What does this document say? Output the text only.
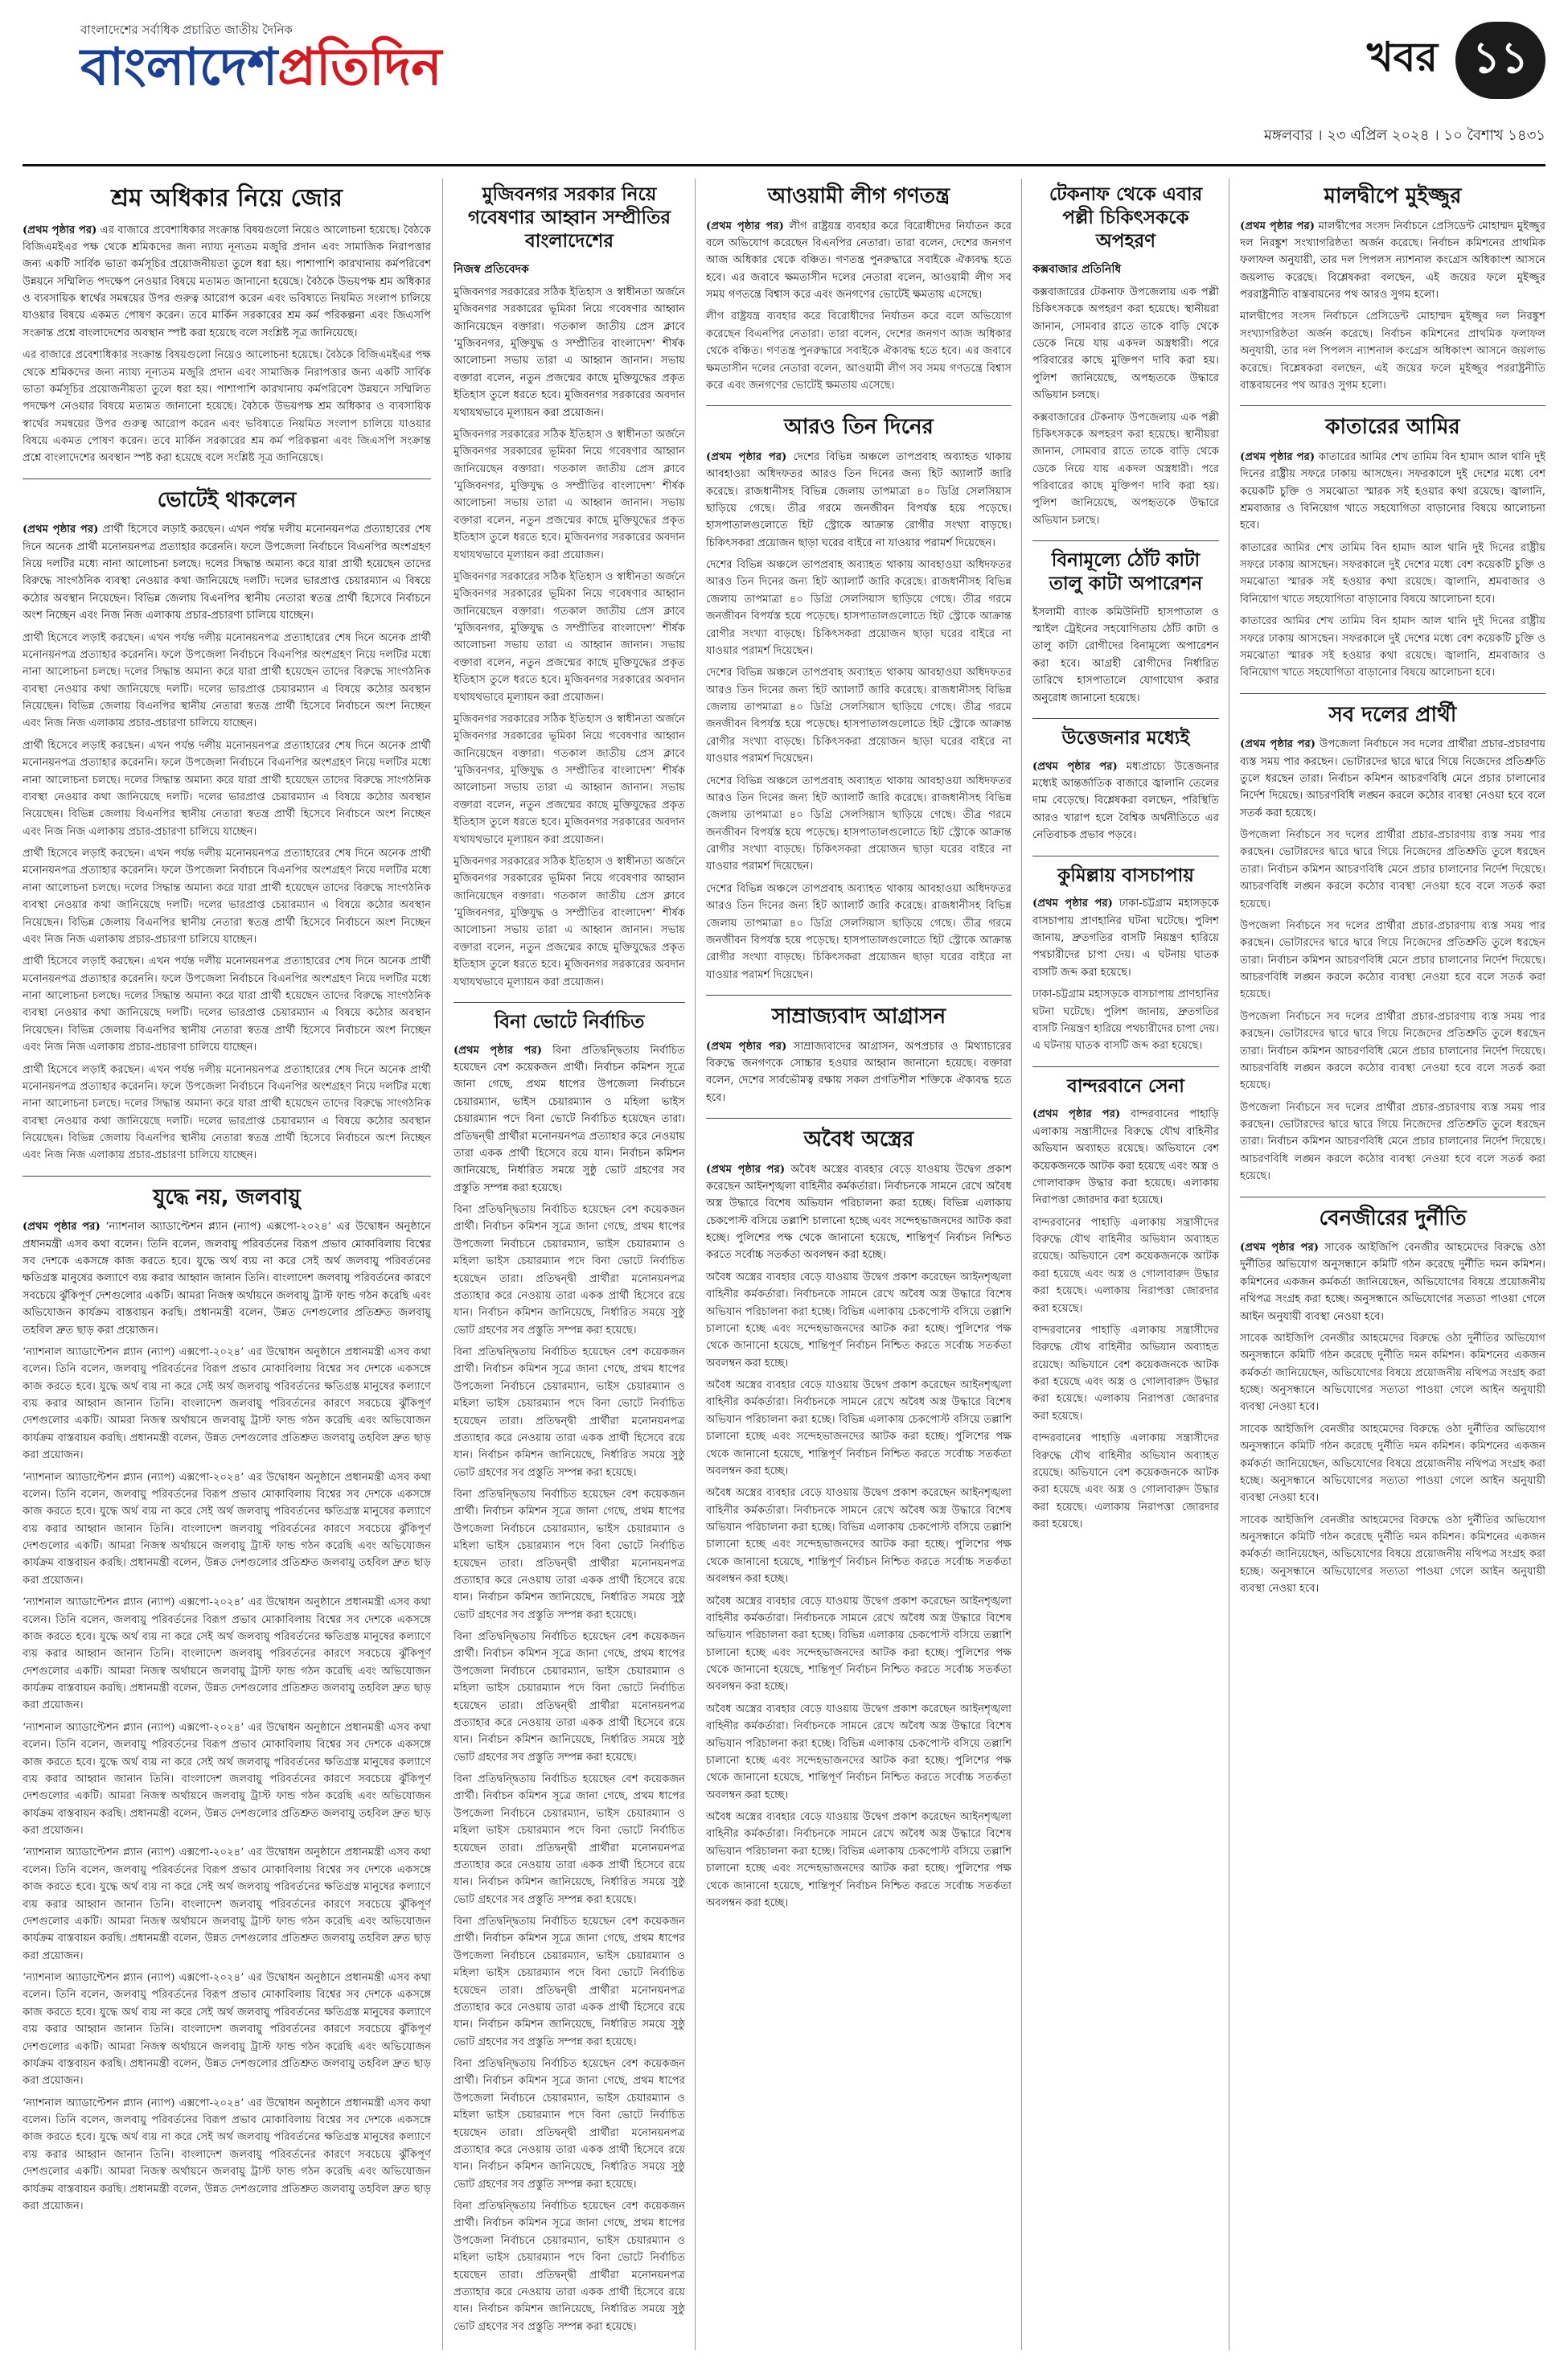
বাংলাদেশের সর্বাধিক প্রচারিত জাতীয় দৈনিক
বাংলাদেশপ্রতিদিন	খবর ১১
মঙ্গলবার । ২৩ এপ্রিল ২০২৪ । ১০ বৈশাখ ১৪৩১
শ্রম অধিকার নিয়ে জোর

(প্রথম পৃষ্ঠার পর) এর বাজারে প্রবেশাধিকার সংক্রান্ত বিষয়গুলো নিয়েও আলোচনা হয়েছে। বৈঠকে বিজিএমইএর পক্ষ থেকে শ্রমিকদের জন্য ন্যায্য নূন্যতম মজুরি প্রদান এবং সামাজিক নিরাপত্তার জন্য একটি সার্বিক ভাতা কর্মসূচির প্রয়োজনীয়তা তুলে ধরা হয়। পাশাপাশি কারখানায় কর্মপরিবেশ উন্নয়নে সম্মিলিত পদক্ষেপ নেওয়ার বিষয়ে মতামত জানানো হয়েছে। বৈঠকে উভয়পক্ষ শ্রম অধিকার ও ব্যবসায়িক স্বার্থের সমন্বয়ের উপর গুরুত্ব আরোপ করেন এবং ভবিষ্যতে নিয়মিত সংলাপ চালিয়ে যাওয়ার বিষয়ে একমত পোষণ করেন। তবে মার্কিন সরকারের শ্রম কর্ম পরিকল্পনা এবং জিএসপি সংক্রান্ত প্রশ্নে বাংলাদেশের অবস্থান স্পষ্ট করা হয়েছে বলে সংশ্লিষ্ট সূত্র জানিয়েছে।

এর বাজারে প্রবেশাধিকার সংক্রান্ত বিষয়গুলো নিয়েও আলোচনা হয়েছে। বৈঠকে বিজিএমইএর পক্ষ থেকে শ্রমিকদের জন্য ন্যায্য নূন্যতম মজুরি প্রদান এবং সামাজিক নিরাপত্তার জন্য একটি সার্বিক ভাতা কর্মসূচির প্রয়োজনীয়তা তুলে ধরা হয়। পাশাপাশি কারখানায় কর্মপরিবেশ উন্নয়নে সম্মিলিত পদক্ষেপ নেওয়ার বিষয়ে মতামত জানানো হয়েছে। বৈঠকে উভয়পক্ষ শ্রম অধিকার ও ব্যবসায়িক স্বার্থের সমন্বয়ের উপর গুরুত্ব আরোপ করেন এবং ভবিষ্যতে নিয়মিত সংলাপ চালিয়ে যাওয়ার বিষয়ে একমত পোষণ করেন। তবে মার্কিন সরকারের শ্রম কর্ম পরিকল্পনা এবং জিএসপি সংক্রান্ত প্রশ্নে বাংলাদেশের অবস্থান স্পষ্ট করা হয়েছে বলে সংশ্লিষ্ট সূত্র জানিয়েছে।

ভোটেই থাকলেন

(প্রথম পৃষ্ঠার পর) প্রার্থী হিসেবে লড়াই করছেন। এখন পর্যন্ত দলীয় মনোনয়নপত্র প্রত্যাহারের শেষ দিনে অনেক প্রার্থী মনোনয়নপত্র প্রত্যাহার করেননি। ফলে উপজেলা নির্বাচনে বিএনপির অংশগ্রহণ নিয়ে দলটির মধ্যে নানা আলোচনা চলছে। দলের সিদ্ধান্ত অমান্য করে যারা প্রার্থী হয়েছেন তাদের বিরুদ্ধে সাংগঠনিক ব্যবস্থা নেওয়ার কথা জানিয়েছে দলটি। দলের ভারপ্রাপ্ত চেয়ারম্যান এ বিষয়ে কঠোর অবস্থান নিয়েছেন। বিভিন্ন জেলায় বিএনপির স্থানীয় নেতারা স্বতন্ত্র প্রার্থী হিসেবে নির্বাচনে অংশ নিচ্ছেন এবং নিজ নিজ এলাকায় প্রচার-প্রচারণা চালিয়ে যাচ্ছেন।

প্রার্থী হিসেবে লড়াই করছেন। এখন পর্যন্ত দলীয় মনোনয়নপত্র প্রত্যাহারের শেষ দিনে অনেক প্রার্থী মনোনয়নপত্র প্রত্যাহার করেননি। ফলে উপজেলা নির্বাচনে বিএনপির অংশগ্রহণ নিয়ে দলটির মধ্যে নানা আলোচনা চলছে। দলের সিদ্ধান্ত অমান্য করে যারা প্রার্থী হয়েছেন তাদের বিরুদ্ধে সাংগঠনিক ব্যবস্থা নেওয়ার কথা জানিয়েছে দলটি। দলের ভারপ্রাপ্ত চেয়ারম্যান এ বিষয়ে কঠোর অবস্থান নিয়েছেন। বিভিন্ন জেলায় বিএনপির স্থানীয় নেতারা স্বতন্ত্র প্রার্থী হিসেবে নির্বাচনে অংশ নিচ্ছেন এবং নিজ নিজ এলাকায় প্রচার-প্রচারণা চালিয়ে যাচ্ছেন।

প্রার্থী হিসেবে লড়াই করছেন। এখন পর্যন্ত দলীয় মনোনয়নপত্র প্রত্যাহারের শেষ দিনে অনেক প্রার্থী মনোনয়নপত্র প্রত্যাহার করেননি। ফলে উপজেলা নির্বাচনে বিএনপির অংশগ্রহণ নিয়ে দলটির মধ্যে নানা আলোচনা চলছে। দলের সিদ্ধান্ত অমান্য করে যারা প্রার্থী হয়েছেন তাদের বিরুদ্ধে সাংগঠনিক ব্যবস্থা নেওয়ার কথা জানিয়েছে দলটি। দলের ভারপ্রাপ্ত চেয়ারম্যান এ বিষয়ে কঠোর অবস্থান নিয়েছেন। বিভিন্ন জেলায় বিএনপির স্থানীয় নেতারা স্বতন্ত্র প্রার্থী হিসেবে নির্বাচনে অংশ নিচ্ছেন এবং নিজ নিজ এলাকায় প্রচার-প্রচারণা চালিয়ে যাচ্ছেন।

প্রার্থী হিসেবে লড়াই করছেন। এখন পর্যন্ত দলীয় মনোনয়নপত্র প্রত্যাহারের শেষ দিনে অনেক প্রার্থী মনোনয়নপত্র প্রত্যাহার করেননি। ফলে উপজেলা নির্বাচনে বিএনপির অংশগ্রহণ নিয়ে দলটির মধ্যে নানা আলোচনা চলছে। দলের সিদ্ধান্ত অমান্য করে যারা প্রার্থী হয়েছেন তাদের বিরুদ্ধে সাংগঠনিক ব্যবস্থা নেওয়ার কথা জানিয়েছে দলটি। দলের ভারপ্রাপ্ত চেয়ারম্যান এ বিষয়ে কঠোর অবস্থান নিয়েছেন। বিভিন্ন জেলায় বিএনপির স্থানীয় নেতারা স্বতন্ত্র প্রার্থী হিসেবে নির্বাচনে অংশ নিচ্ছেন এবং নিজ নিজ এলাকায় প্রচার-প্রচারণা চালিয়ে যাচ্ছেন।

প্রার্থী হিসেবে লড়াই করছেন। এখন পর্যন্ত দলীয় মনোনয়নপত্র প্রত্যাহারের শেষ দিনে অনেক প্রার্থী মনোনয়নপত্র প্রত্যাহার করেননি। ফলে উপজেলা নির্বাচনে বিএনপির অংশগ্রহণ নিয়ে দলটির মধ্যে নানা আলোচনা চলছে। দলের সিদ্ধান্ত অমান্য করে যারা প্রার্থী হয়েছেন তাদের বিরুদ্ধে সাংগঠনিক ব্যবস্থা নেওয়ার কথা জানিয়েছে দলটি। দলের ভারপ্রাপ্ত চেয়ারম্যান এ বিষয়ে কঠোর অবস্থান নিয়েছেন। বিভিন্ন জেলায় বিএনপির স্থানীয় নেতারা স্বতন্ত্র প্রার্থী হিসেবে নির্বাচনে অংশ নিচ্ছেন এবং নিজ নিজ এলাকায় প্রচার-প্রচারণা চালিয়ে যাচ্ছেন।

প্রার্থী হিসেবে লড়াই করছেন। এখন পর্যন্ত দলীয় মনোনয়নপত্র প্রত্যাহারের শেষ দিনে অনেক প্রার্থী মনোনয়নপত্র প্রত্যাহার করেননি। ফলে উপজেলা নির্বাচনে বিএনপির অংশগ্রহণ নিয়ে দলটির মধ্যে নানা আলোচনা চলছে। দলের সিদ্ধান্ত অমান্য করে যারা প্রার্থী হয়েছেন তাদের বিরুদ্ধে সাংগঠনিক ব্যবস্থা নেওয়ার কথা জানিয়েছে দলটি। দলের ভারপ্রাপ্ত চেয়ারম্যান এ বিষয়ে কঠোর অবস্থান নিয়েছেন। বিভিন্ন জেলায় বিএনপির স্থানীয় নেতারা স্বতন্ত্র প্রার্থী হিসেবে নির্বাচনে অংশ নিচ্ছেন এবং নিজ নিজ এলাকায় প্রচার-প্রচারণা চালিয়ে যাচ্ছেন।

যুদ্ধে নয়, জলবায়ু

(প্রথম পৃষ্ঠার পর) ‘ন্যাশনাল অ্যাডাপ্টেশন প্ল্যান (ন্যাপ) এক্সপো-২০২৪’ এর উদ্বোধন অনুষ্ঠানে প্রধানমন্ত্রী এসব কথা বলেন। তিনি বলেন, জলবায়ু পরিবর্তনের বিরূপ প্রভাব মোকাবিলায় বিশ্বের সব দেশকে একসঙ্গে কাজ করতে হবে। যুদ্ধে অর্থ ব্যয় না করে সেই অর্থ জলবায়ু পরিবর্তনের ক্ষতিগ্রস্ত মানুষের কল্যাণে ব্যয় করার আহ্বান জানান তিনি। বাংলাদেশ জলবায়ু পরিবর্তনের কারণে সবচেয়ে ঝুঁকিপূর্ণ দেশগুলোর একটি। আমরা নিজস্ব অর্থায়নে জলবায়ু ট্রাস্ট ফান্ড গঠন করেছি এবং অভিযোজন কার্যক্রম বাস্তবায়ন করছি। প্রধানমন্ত্রী বলেন, উন্নত দেশগুলোর প্রতিশ্রুত জলবায়ু তহবিল দ্রুত ছাড় করা প্রয়োজন।

‘ন্যাশনাল অ্যাডাপ্টেশন প্ল্যান (ন্যাপ) এক্সপো-২০২৪’ এর উদ্বোধন অনুষ্ঠানে প্রধানমন্ত্রী এসব কথা বলেন। তিনি বলেন, জলবায়ু পরিবর্তনের বিরূপ প্রভাব মোকাবিলায় বিশ্বের সব দেশকে একসঙ্গে কাজ করতে হবে। যুদ্ধে অর্থ ব্যয় না করে সেই অর্থ জলবায়ু পরিবর্তনের ক্ষতিগ্রস্ত মানুষের কল্যাণে ব্যয় করার আহ্বান জানান তিনি। বাংলাদেশ জলবায়ু পরিবর্তনের কারণে সবচেয়ে ঝুঁকিপূর্ণ দেশগুলোর একটি। আমরা নিজস্ব অর্থায়নে জলবায়ু ট্রাস্ট ফান্ড গঠন করেছি এবং অভিযোজন কার্যক্রম বাস্তবায়ন করছি। প্রধানমন্ত্রী বলেন, উন্নত দেশগুলোর প্রতিশ্রুত জলবায়ু তহবিল দ্রুত ছাড় করা প্রয়োজন।

‘ন্যাশনাল অ্যাডাপ্টেশন প্ল্যান (ন্যাপ) এক্সপো-২০২৪’ এর উদ্বোধন অনুষ্ঠানে প্রধানমন্ত্রী এসব কথা বলেন। তিনি বলেন, জলবায়ু পরিবর্তনের বিরূপ প্রভাব মোকাবিলায় বিশ্বের সব দেশকে একসঙ্গে কাজ করতে হবে। যুদ্ধে অর্থ ব্যয় না করে সেই অর্থ জলবায়ু পরিবর্তনের ক্ষতিগ্রস্ত মানুষের কল্যাণে ব্যয় করার আহ্বান জানান তিনি। বাংলাদেশ জলবায়ু পরিবর্তনের কারণে সবচেয়ে ঝুঁকিপূর্ণ দেশগুলোর একটি। আমরা নিজস্ব অর্থায়নে জলবায়ু ট্রাস্ট ফান্ড গঠন করেছি এবং অভিযোজন কার্যক্রম বাস্তবায়ন করছি। প্রধানমন্ত্রী বলেন, উন্নত দেশগুলোর প্রতিশ্রুত জলবায়ু তহবিল দ্রুত ছাড় করা প্রয়োজন।

‘ন্যাশনাল অ্যাডাপ্টেশন প্ল্যান (ন্যাপ) এক্সপো-২০২৪’ এর উদ্বোধন অনুষ্ঠানে প্রধানমন্ত্রী এসব কথা বলেন। তিনি বলেন, জলবায়ু পরিবর্তনের বিরূপ প্রভাব মোকাবিলায় বিশ্বের সব দেশকে একসঙ্গে কাজ করতে হবে। যুদ্ধে অর্থ ব্যয় না করে সেই অর্থ জলবায়ু পরিবর্তনের ক্ষতিগ্রস্ত মানুষের কল্যাণে ব্যয় করার আহ্বান জানান তিনি। বাংলাদেশ জলবায়ু পরিবর্তনের কারণে সবচেয়ে ঝুঁকিপূর্ণ দেশগুলোর একটি। আমরা নিজস্ব অর্থায়নে জলবায়ু ট্রাস্ট ফান্ড গঠন করেছি এবং অভিযোজন কার্যক্রম বাস্তবায়ন করছি। প্রধানমন্ত্রী বলেন, উন্নত দেশগুলোর প্রতিশ্রুত জলবায়ু তহবিল দ্রুত ছাড় করা প্রয়োজন।

‘ন্যাশনাল অ্যাডাপ্টেশন প্ল্যান (ন্যাপ) এক্সপো-২০২৪’ এর উদ্বোধন অনুষ্ঠানে প্রধানমন্ত্রী এসব কথা বলেন। তিনি বলেন, জলবায়ু পরিবর্তনের বিরূপ প্রভাব মোকাবিলায় বিশ্বের সব দেশকে একসঙ্গে কাজ করতে হবে। যুদ্ধে অর্থ ব্যয় না করে সেই অর্থ জলবায়ু পরিবর্তনের ক্ষতিগ্রস্ত মানুষের কল্যাণে ব্যয় করার আহ্বান জানান তিনি। বাংলাদেশ জলবায়ু পরিবর্তনের কারণে সবচেয়ে ঝুঁকিপূর্ণ দেশগুলোর একটি। আমরা নিজস্ব অর্থায়নে জলবায়ু ট্রাস্ট ফান্ড গঠন করেছি এবং অভিযোজন কার্যক্রম বাস্তবায়ন করছি। প্রধানমন্ত্রী বলেন, উন্নত দেশগুলোর প্রতিশ্রুত জলবায়ু তহবিল দ্রুত ছাড় করা প্রয়োজন।

‘ন্যাশনাল অ্যাডাপ্টেশন প্ল্যান (ন্যাপ) এক্সপো-২০২৪’ এর উদ্বোধন অনুষ্ঠানে প্রধানমন্ত্রী এসব কথা বলেন। তিনি বলেন, জলবায়ু পরিবর্তনের বিরূপ প্রভাব মোকাবিলায় বিশ্বের সব দেশকে একসঙ্গে কাজ করতে হবে। যুদ্ধে অর্থ ব্যয় না করে সেই অর্থ জলবায়ু পরিবর্তনের ক্ষতিগ্রস্ত মানুষের কল্যাণে ব্যয় করার আহ্বান জানান তিনি। বাংলাদেশ জলবায়ু পরিবর্তনের কারণে সবচেয়ে ঝুঁকিপূর্ণ দেশগুলোর একটি। আমরা নিজস্ব অর্থায়নে জলবায়ু ট্রাস্ট ফান্ড গঠন করেছি এবং অভিযোজন কার্যক্রম বাস্তবায়ন করছি। প্রধানমন্ত্রী বলেন, উন্নত দেশগুলোর প্রতিশ্রুত জলবায়ু তহবিল দ্রুত ছাড় করা প্রয়োজন।

‘ন্যাশনাল অ্যাডাপ্টেশন প্ল্যান (ন্যাপ) এক্সপো-২০২৪’ এর উদ্বোধন অনুষ্ঠানে প্রধানমন্ত্রী এসব কথা বলেন। তিনি বলেন, জলবায়ু পরিবর্তনের বিরূপ প্রভাব মোকাবিলায় বিশ্বের সব দেশকে একসঙ্গে কাজ করতে হবে। যুদ্ধে অর্থ ব্যয় না করে সেই অর্থ জলবায়ু পরিবর্তনের ক্ষতিগ্রস্ত মানুষের কল্যাণে ব্যয় করার আহ্বান জানান তিনি। বাংলাদেশ জলবায়ু পরিবর্তনের কারণে সবচেয়ে ঝুঁকিপূর্ণ দেশগুলোর একটি। আমরা নিজস্ব অর্থায়নে জলবায়ু ট্রাস্ট ফান্ড গঠন করেছি এবং অভিযোজন কার্যক্রম বাস্তবায়ন করছি। প্রধানমন্ত্রী বলেন, উন্নত দেশগুলোর প্রতিশ্রুত জলবায়ু তহবিল দ্রুত ছাড় করা প্রয়োজন।

‘ন্যাশনাল অ্যাডাপ্টেশন প্ল্যান (ন্যাপ) এক্সপো-২০২৪’ এর উদ্বোধন অনুষ্ঠানে প্রধানমন্ত্রী এসব কথা বলেন। তিনি বলেন, জলবায়ু পরিবর্তনের বিরূপ প্রভাব মোকাবিলায় বিশ্বের সব দেশকে একসঙ্গে কাজ করতে হবে। যুদ্ধে অর্থ ব্যয় না করে সেই অর্থ জলবায়ু পরিবর্তনের ক্ষতিগ্রস্ত মানুষের কল্যাণে ব্যয় করার আহ্বান জানান তিনি। বাংলাদেশ জলবায়ু পরিবর্তনের কারণে সবচেয়ে ঝুঁকিপূর্ণ দেশগুলোর একটি। আমরা নিজস্ব অর্থায়নে জলবায়ু ট্রাস্ট ফান্ড গঠন করেছি এবং অভিযোজন কার্যক্রম বাস্তবায়ন করছি। প্রধানমন্ত্রী বলেন, উন্নত দেশগুলোর প্রতিশ্রুত জলবায়ু তহবিল দ্রুত ছাড় করা প্রয়োজন।

মুজিবনগর সরকার নিয়ে গবেষণার আহ্বান সম্প্রীতির বাংলাদেশের
নিজস্ব প্রতিবেদক

মুজিবনগর সরকারের সঠিক ইতিহাস ও স্বাধীনতা অর্জনে মুজিবনগর সরকারের ভূমিকা নিয়ে গবেষণার আহ্বান জানিয়েছেন বক্তারা। গতকাল জাতীয় প্রেস ক্লাবে ‘মুজিবনগর, মুক্তিযুদ্ধ ও সম্প্রীতির বাংলাদেশ’ শীর্ষক আলোচনা সভায় তারা এ আহ্বান জানান। সভায় বক্তারা বলেন, নতুন প্রজন্মের কাছে মুক্তিযুদ্ধের প্রকৃত ইতিহাস তুলে ধরতে হবে। মুজিবনগর সরকারের অবদান যথাযথভাবে মূল্যায়ন করা প্রয়োজন।

মুজিবনগর সরকারের সঠিক ইতিহাস ও স্বাধীনতা অর্জনে মুজিবনগর সরকারের ভূমিকা নিয়ে গবেষণার আহ্বান জানিয়েছেন বক্তারা। গতকাল জাতীয় প্রেস ক্লাবে ‘মুজিবনগর, মুক্তিযুদ্ধ ও সম্প্রীতির বাংলাদেশ’ শীর্ষক আলোচনা সভায় তারা এ আহ্বান জানান। সভায় বক্তারা বলেন, নতুন প্রজন্মের কাছে মুক্তিযুদ্ধের প্রকৃত ইতিহাস তুলে ধরতে হবে। মুজিবনগর সরকারের অবদান যথাযথভাবে মূল্যায়ন করা প্রয়োজন।

মুজিবনগর সরকারের সঠিক ইতিহাস ও স্বাধীনতা অর্জনে মুজিবনগর সরকারের ভূমিকা নিয়ে গবেষণার আহ্বান জানিয়েছেন বক্তারা। গতকাল জাতীয় প্রেস ক্লাবে ‘মুজিবনগর, মুক্তিযুদ্ধ ও সম্প্রীতির বাংলাদেশ’ শীর্ষক আলোচনা সভায় তারা এ আহ্বান জানান। সভায় বক্তারা বলেন, নতুন প্রজন্মের কাছে মুক্তিযুদ্ধের প্রকৃত ইতিহাস তুলে ধরতে হবে। মুজিবনগর সরকারের অবদান যথাযথভাবে মূল্যায়ন করা প্রয়োজন।

মুজিবনগর সরকারের সঠিক ইতিহাস ও স্বাধীনতা অর্জনে মুজিবনগর সরকারের ভূমিকা নিয়ে গবেষণার আহ্বান জানিয়েছেন বক্তারা। গতকাল জাতীয় প্রেস ক্লাবে ‘মুজিবনগর, মুক্তিযুদ্ধ ও সম্প্রীতির বাংলাদেশ’ শীর্ষক আলোচনা সভায় তারা এ আহ্বান জানান। সভায় বক্তারা বলেন, নতুন প্রজন্মের কাছে মুক্তিযুদ্ধের প্রকৃত ইতিহাস তুলে ধরতে হবে। মুজিবনগর সরকারের অবদান যথাযথভাবে মূল্যায়ন করা প্রয়োজন।

মুজিবনগর সরকারের সঠিক ইতিহাস ও স্বাধীনতা অর্জনে মুজিবনগর সরকারের ভূমিকা নিয়ে গবেষণার আহ্বান জানিয়েছেন বক্তারা। গতকাল জাতীয় প্রেস ক্লাবে ‘মুজিবনগর, মুক্তিযুদ্ধ ও সম্প্রীতির বাংলাদেশ’ শীর্ষক আলোচনা সভায় তারা এ আহ্বান জানান। সভায় বক্তারা বলেন, নতুন প্রজন্মের কাছে মুক্তিযুদ্ধের প্রকৃত ইতিহাস তুলে ধরতে হবে। মুজিবনগর সরকারের অবদান যথাযথভাবে মূল্যায়ন করা প্রয়োজন।

বিনা ভোটে নির্বাচিত

(প্রথম পৃষ্ঠার পর) বিনা প্রতিদ্বন্দ্বিতায় নির্বাচিত হয়েছেন বেশ কয়েকজন প্রার্থী। নির্বাচন কমিশন সূত্রে জানা গেছে, প্রথম ধাপের উপজেলা নির্বাচনে চেয়ারম্যান, ভাইস চেয়ারম্যান ও মহিলা ভাইস চেয়ারম্যান পদে বিনা ভোটে নির্বাচিত হয়েছেন তারা। প্রতিদ্বন্দ্বী প্রার্থীরা মনোনয়নপত্র প্রত্যাহার করে নেওয়ায় তারা একক প্রার্থী হিসেবে রয়ে যান। নির্বাচন কমিশন জানিয়েছে, নির্ধারিত সময়ে সুষ্ঠু ভোট গ্রহণের সব প্রস্তুতি সম্পন্ন করা হয়েছে।

বিনা প্রতিদ্বন্দ্বিতায় নির্বাচিত হয়েছেন বেশ কয়েকজন প্রার্থী। নির্বাচন কমিশন সূত্রে জানা গেছে, প্রথম ধাপের উপজেলা নির্বাচনে চেয়ারম্যান, ভাইস চেয়ারম্যান ও মহিলা ভাইস চেয়ারম্যান পদে বিনা ভোটে নির্বাচিত হয়েছেন তারা। প্রতিদ্বন্দ্বী প্রার্থীরা মনোনয়নপত্র প্রত্যাহার করে নেওয়ায় তারা একক প্রার্থী হিসেবে রয়ে যান। নির্বাচন কমিশন জানিয়েছে, নির্ধারিত সময়ে সুষ্ঠু ভোট গ্রহণের সব প্রস্তুতি সম্পন্ন করা হয়েছে।

বিনা প্রতিদ্বন্দ্বিতায় নির্বাচিত হয়েছেন বেশ কয়েকজন প্রার্থী। নির্বাচন কমিশন সূত্রে জানা গেছে, প্রথম ধাপের উপজেলা নির্বাচনে চেয়ারম্যান, ভাইস চেয়ারম্যান ও মহিলা ভাইস চেয়ারম্যান পদে বিনা ভোটে নির্বাচিত হয়েছেন তারা। প্রতিদ্বন্দ্বী প্রার্থীরা মনোনয়নপত্র প্রত্যাহার করে নেওয়ায় তারা একক প্রার্থী হিসেবে রয়ে যান। নির্বাচন কমিশন জানিয়েছে, নির্ধারিত সময়ে সুষ্ঠু ভোট গ্রহণের সব প্রস্তুতি সম্পন্ন করা হয়েছে।

বিনা প্রতিদ্বন্দ্বিতায় নির্বাচিত হয়েছেন বেশ কয়েকজন প্রার্থী। নির্বাচন কমিশন সূত্রে জানা গেছে, প্রথম ধাপের উপজেলা নির্বাচনে চেয়ারম্যান, ভাইস চেয়ারম্যান ও মহিলা ভাইস চেয়ারম্যান পদে বিনা ভোটে নির্বাচিত হয়েছেন তারা। প্রতিদ্বন্দ্বী প্রার্থীরা মনোনয়নপত্র প্রত্যাহার করে নেওয়ায় তারা একক প্রার্থী হিসেবে রয়ে যান। নির্বাচন কমিশন জানিয়েছে, নির্ধারিত সময়ে সুষ্ঠু ভোট গ্রহণের সব প্রস্তুতি সম্পন্ন করা হয়েছে।

বিনা প্রতিদ্বন্দ্বিতায় নির্বাচিত হয়েছেন বেশ কয়েকজন প্রার্থী। নির্বাচন কমিশন সূত্রে জানা গেছে, প্রথম ধাপের উপজেলা নির্বাচনে চেয়ারম্যান, ভাইস চেয়ারম্যান ও মহিলা ভাইস চেয়ারম্যান পদে বিনা ভোটে নির্বাচিত হয়েছেন তারা। প্রতিদ্বন্দ্বী প্রার্থীরা মনোনয়নপত্র প্রত্যাহার করে নেওয়ায় তারা একক প্রার্থী হিসেবে রয়ে যান। নির্বাচন কমিশন জানিয়েছে, নির্ধারিত সময়ে সুষ্ঠু ভোট গ্রহণের সব প্রস্তুতি সম্পন্ন করা হয়েছে।

বিনা প্রতিদ্বন্দ্বিতায় নির্বাচিত হয়েছেন বেশ কয়েকজন প্রার্থী। নির্বাচন কমিশন সূত্রে জানা গেছে, প্রথম ধাপের উপজেলা নির্বাচনে চেয়ারম্যান, ভাইস চেয়ারম্যান ও মহিলা ভাইস চেয়ারম্যান পদে বিনা ভোটে নির্বাচিত হয়েছেন তারা। প্রতিদ্বন্দ্বী প্রার্থীরা মনোনয়নপত্র প্রত্যাহার করে নেওয়ায় তারা একক প্রার্থী হিসেবে রয়ে যান। নির্বাচন কমিশন জানিয়েছে, নির্ধারিত সময়ে সুষ্ঠু ভোট গ্রহণের সব প্রস্তুতি সম্পন্ন করা হয়েছে।

বিনা প্রতিদ্বন্দ্বিতায় নির্বাচিত হয়েছেন বেশ কয়েকজন প্রার্থী। নির্বাচন কমিশন সূত্রে জানা গেছে, প্রথম ধাপের উপজেলা নির্বাচনে চেয়ারম্যান, ভাইস চেয়ারম্যান ও মহিলা ভাইস চেয়ারম্যান পদে বিনা ভোটে নির্বাচিত হয়েছেন তারা। প্রতিদ্বন্দ্বী প্রার্থীরা মনোনয়নপত্র প্রত্যাহার করে নেওয়ায় তারা একক প্রার্থী হিসেবে রয়ে যান। নির্বাচন কমিশন জানিয়েছে, নির্ধারিত সময়ে সুষ্ঠু ভোট গ্রহণের সব প্রস্তুতি সম্পন্ন করা হয়েছে।

বিনা প্রতিদ্বন্দ্বিতায় নির্বাচিত হয়েছেন বেশ কয়েকজন প্রার্থী। নির্বাচন কমিশন সূত্রে জানা গেছে, প্রথম ধাপের উপজেলা নির্বাচনে চেয়ারম্যান, ভাইস চেয়ারম্যান ও মহিলা ভাইস চেয়ারম্যান পদে বিনা ভোটে নির্বাচিত হয়েছেন তারা। প্রতিদ্বন্দ্বী প্রার্থীরা মনোনয়নপত্র প্রত্যাহার করে নেওয়ায় তারা একক প্রার্থী হিসেবে রয়ে যান। নির্বাচন কমিশন জানিয়েছে, নির্ধারিত সময়ে সুষ্ঠু ভোট গ্রহণের সব প্রস্তুতি সম্পন্ন করা হয়েছে।

বিনা প্রতিদ্বন্দ্বিতায় নির্বাচিত হয়েছেন বেশ কয়েকজন প্রার্থী। নির্বাচন কমিশন সূত্রে জানা গেছে, প্রথম ধাপের উপজেলা নির্বাচনে চেয়ারম্যান, ভাইস চেয়ারম্যান ও মহিলা ভাইস চেয়ারম্যান পদে বিনা ভোটে নির্বাচিত হয়েছেন তারা। প্রতিদ্বন্দ্বী প্রার্থীরা মনোনয়নপত্র প্রত্যাহার করে নেওয়ায় তারা একক প্রার্থী হিসেবে রয়ে যান। নির্বাচন কমিশন জানিয়েছে, নির্ধারিত সময়ে সুষ্ঠু ভোট গ্রহণের সব প্রস্তুতি সম্পন্ন করা হয়েছে।

আওয়ামী লীগ গণতন্ত্র

(প্রথম পৃষ্ঠার পর) লীগ রাষ্ট্রযন্ত্র ব্যবহার করে বিরোধীদের নির্যাতন করে বলে অভিযোগ করেছেন বিএনপির নেতারা। তারা বলেন, দেশের জনগণ আজ অধিকার থেকে বঞ্চিত। গণতন্ত্র পুনরুদ্ধারে সবাইকে ঐক্যবদ্ধ হতে হবে। এর জবাবে ক্ষমতাসীন দলের নেতারা বলেন, আওয়ামী লীগ সব সময় গণতন্ত্রে বিশ্বাস করে এবং জনগণের ভোটেই ক্ষমতায় এসেছে।

লীগ রাষ্ট্রযন্ত্র ব্যবহার করে বিরোধীদের নির্যাতন করে বলে অভিযোগ করেছেন বিএনপির নেতারা। তারা বলেন, দেশের জনগণ আজ অধিকার থেকে বঞ্চিত। গণতন্ত্র পুনরুদ্ধারে সবাইকে ঐক্যবদ্ধ হতে হবে। এর জবাবে ক্ষমতাসীন দলের নেতারা বলেন, আওয়ামী লীগ সব সময় গণতন্ত্রে বিশ্বাস করে এবং জনগণের ভোটেই ক্ষমতায় এসেছে।

আরও তিন দিনের

(প্রথম পৃষ্ঠার পর) দেশের বিভিন্ন অঞ্চলে তাপপ্রবাহ অব্যাহত থাকায় আবহাওয়া অধিদফতর আরও তিন দিনের জন্য হিট অ্যালার্ট জারি করেছে। রাজধানীসহ বিভিন্ন জেলায় তাপমাত্রা ৪০ ডিগ্রি সেলসিয়াস ছাড়িয়ে গেছে। তীব্র গরমে জনজীবন বিপর্যস্ত হয়ে পড়েছে। হাসপাতালগুলোতে হিট স্ট্রোকে আক্রান্ত রোগীর সংখ্যা বাড়ছে। চিকিৎসকরা প্রয়োজন ছাড়া ঘরের বাইরে না যাওয়ার পরামর্শ দিয়েছেন।

দেশের বিভিন্ন অঞ্চলে তাপপ্রবাহ অব্যাহত থাকায় আবহাওয়া অধিদফতর আরও তিন দিনের জন্য হিট অ্যালার্ট জারি করেছে। রাজধানীসহ বিভিন্ন জেলায় তাপমাত্রা ৪০ ডিগ্রি সেলসিয়াস ছাড়িয়ে গেছে। তীব্র গরমে জনজীবন বিপর্যস্ত হয়ে পড়েছে। হাসপাতালগুলোতে হিট স্ট্রোকে আক্রান্ত রোগীর সংখ্যা বাড়ছে। চিকিৎসকরা প্রয়োজন ছাড়া ঘরের বাইরে না যাওয়ার পরামর্শ দিয়েছেন।

দেশের বিভিন্ন অঞ্চলে তাপপ্রবাহ অব্যাহত থাকায় আবহাওয়া অধিদফতর আরও তিন দিনের জন্য হিট অ্যালার্ট জারি করেছে। রাজধানীসহ বিভিন্ন জেলায় তাপমাত্রা ৪০ ডিগ্রি সেলসিয়াস ছাড়িয়ে গেছে। তীব্র গরমে জনজীবন বিপর্যস্ত হয়ে পড়েছে। হাসপাতালগুলোতে হিট স্ট্রোকে আক্রান্ত রোগীর সংখ্যা বাড়ছে। চিকিৎসকরা প্রয়োজন ছাড়া ঘরের বাইরে না যাওয়ার পরামর্শ দিয়েছেন।

দেশের বিভিন্ন অঞ্চলে তাপপ্রবাহ অব্যাহত থাকায় আবহাওয়া অধিদফতর আরও তিন দিনের জন্য হিট অ্যালার্ট জারি করেছে। রাজধানীসহ বিভিন্ন জেলায় তাপমাত্রা ৪০ ডিগ্রি সেলসিয়াস ছাড়িয়ে গেছে। তীব্র গরমে জনজীবন বিপর্যস্ত হয়ে পড়েছে। হাসপাতালগুলোতে হিট স্ট্রোকে আক্রান্ত রোগীর সংখ্যা বাড়ছে। চিকিৎসকরা প্রয়োজন ছাড়া ঘরের বাইরে না যাওয়ার পরামর্শ দিয়েছেন।

দেশের বিভিন্ন অঞ্চলে তাপপ্রবাহ অব্যাহত থাকায় আবহাওয়া অধিদফতর আরও তিন দিনের জন্য হিট অ্যালার্ট জারি করেছে। রাজধানীসহ বিভিন্ন জেলায় তাপমাত্রা ৪০ ডিগ্রি সেলসিয়াস ছাড়িয়ে গেছে। তীব্র গরমে জনজীবন বিপর্যস্ত হয়ে পড়েছে। হাসপাতালগুলোতে হিট স্ট্রোকে আক্রান্ত রোগীর সংখ্যা বাড়ছে। চিকিৎসকরা প্রয়োজন ছাড়া ঘরের বাইরে না যাওয়ার পরামর্শ দিয়েছেন।

সাম্রাজ্যবাদ আগ্রাসন

(প্রথম পৃষ্ঠার পর) সাম্রাজ্যবাদের আগ্রাসন, অপপ্রচার ও মিথ্যাচারের বিরুদ্ধে জনগণকে সোচ্চার হওয়ার আহ্বান জানানো হয়েছে। বক্তারা বলেন, দেশের সার্বভৌমত্ব রক্ষায় সকল প্রগতিশীল শক্তিকে ঐক্যবদ্ধ হতে হবে।

অবৈধ অস্ত্রের

(প্রথম পৃষ্ঠার পর) অবৈধ অস্ত্রের ব্যবহার বেড়ে যাওয়ায় উদ্বেগ প্রকাশ করেছেন আইনশৃঙ্খলা বাহিনীর কর্মকর্তারা। নির্বাচনকে সামনে রেখে অবৈধ অস্ত্র উদ্ধারে বিশেষ অভিযান পরিচালনা করা হচ্ছে। বিভিন্ন এলাকায় চেকপোস্ট বসিয়ে তল্লাশি চালানো হচ্ছে এবং সন্দেহভাজনদের আটক করা হচ্ছে। পুলিশের পক্ষ থেকে জানানো হয়েছে, শান্তিপূর্ণ নির্বাচন নিশ্চিত করতে সর্বোচ্চ সতর্কতা অবলম্বন করা হচ্ছে।

অবৈধ অস্ত্রের ব্যবহার বেড়ে যাওয়ায় উদ্বেগ প্রকাশ করেছেন আইনশৃঙ্খলা বাহিনীর কর্মকর্তারা। নির্বাচনকে সামনে রেখে অবৈধ অস্ত্র উদ্ধারে বিশেষ অভিযান পরিচালনা করা হচ্ছে। বিভিন্ন এলাকায় চেকপোস্ট বসিয়ে তল্লাশি চালানো হচ্ছে এবং সন্দেহভাজনদের আটক করা হচ্ছে। পুলিশের পক্ষ থেকে জানানো হয়েছে, শান্তিপূর্ণ নির্বাচন নিশ্চিত করতে সর্বোচ্চ সতর্কতা অবলম্বন করা হচ্ছে।

অবৈধ অস্ত্রের ব্যবহার বেড়ে যাওয়ায় উদ্বেগ প্রকাশ করেছেন আইনশৃঙ্খলা বাহিনীর কর্মকর্তারা। নির্বাচনকে সামনে রেখে অবৈধ অস্ত্র উদ্ধারে বিশেষ অভিযান পরিচালনা করা হচ্ছে। বিভিন্ন এলাকায় চেকপোস্ট বসিয়ে তল্লাশি চালানো হচ্ছে এবং সন্দেহভাজনদের আটক করা হচ্ছে। পুলিশের পক্ষ থেকে জানানো হয়েছে, শান্তিপূর্ণ নির্বাচন নিশ্চিত করতে সর্বোচ্চ সতর্কতা অবলম্বন করা হচ্ছে।

অবৈধ অস্ত্রের ব্যবহার বেড়ে যাওয়ায় উদ্বেগ প্রকাশ করেছেন আইনশৃঙ্খলা বাহিনীর কর্মকর্তারা। নির্বাচনকে সামনে রেখে অবৈধ অস্ত্র উদ্ধারে বিশেষ অভিযান পরিচালনা করা হচ্ছে। বিভিন্ন এলাকায় চেকপোস্ট বসিয়ে তল্লাশি চালানো হচ্ছে এবং সন্দেহভাজনদের আটক করা হচ্ছে। পুলিশের পক্ষ থেকে জানানো হয়েছে, শান্তিপূর্ণ নির্বাচন নিশ্চিত করতে সর্বোচ্চ সতর্কতা অবলম্বন করা হচ্ছে।

অবৈধ অস্ত্রের ব্যবহার বেড়ে যাওয়ায় উদ্বেগ প্রকাশ করেছেন আইনশৃঙ্খলা বাহিনীর কর্মকর্তারা। নির্বাচনকে সামনে রেখে অবৈধ অস্ত্র উদ্ধারে বিশেষ অভিযান পরিচালনা করা হচ্ছে। বিভিন্ন এলাকায় চেকপোস্ট বসিয়ে তল্লাশি চালানো হচ্ছে এবং সন্দেহভাজনদের আটক করা হচ্ছে। পুলিশের পক্ষ থেকে জানানো হয়েছে, শান্তিপূর্ণ নির্বাচন নিশ্চিত করতে সর্বোচ্চ সতর্কতা অবলম্বন করা হচ্ছে।

অবৈধ অস্ত্রের ব্যবহার বেড়ে যাওয়ায় উদ্বেগ প্রকাশ করেছেন আইনশৃঙ্খলা বাহিনীর কর্মকর্তারা। নির্বাচনকে সামনে রেখে অবৈধ অস্ত্র উদ্ধারে বিশেষ অভিযান পরিচালনা করা হচ্ছে। বিভিন্ন এলাকায় চেকপোস্ট বসিয়ে তল্লাশি চালানো হচ্ছে এবং সন্দেহভাজনদের আটক করা হচ্ছে। পুলিশের পক্ষ থেকে জানানো হয়েছে, শান্তিপূর্ণ নির্বাচন নিশ্চিত করতে সর্বোচ্চ সতর্কতা অবলম্বন করা হচ্ছে।

অবৈধ অস্ত্রের ব্যবহার বেড়ে যাওয়ায় উদ্বেগ প্রকাশ করেছেন আইনশৃঙ্খলা বাহিনীর কর্মকর্তারা। নির্বাচনকে সামনে রেখে অবৈধ অস্ত্র উদ্ধারে বিশেষ অভিযান পরিচালনা করা হচ্ছে। বিভিন্ন এলাকায় চেকপোস্ট বসিয়ে তল্লাশি চালানো হচ্ছে এবং সন্দেহভাজনদের আটক করা হচ্ছে। পুলিশের পক্ষ থেকে জানানো হয়েছে, শান্তিপূর্ণ নির্বাচন নিশ্চিত করতে সর্বোচ্চ সতর্কতা অবলম্বন করা হচ্ছে।

টেকনাফ থেকে এবার পল্লী চিকিৎসককে অপহরণ
কক্সবাজার প্রতিনিধি

কক্সবাজারের টেকনাফ উপজেলায় এক পল্লী চিকিৎসককে অপহরণ করা হয়েছে। স্থানীয়রা জানান, সোমবার রাতে তাকে বাড়ি থেকে ডেকে নিয়ে যায় একদল অস্ত্রধারী। পরে পরিবারের কাছে মুক্তিপণ দাবি করা হয়। পুলিশ জানিয়েছে, অপহৃতকে উদ্ধারে অভিযান চলছে।

কক্সবাজারের টেকনাফ উপজেলায় এক পল্লী চিকিৎসককে অপহরণ করা হয়েছে। স্থানীয়রা জানান, সোমবার রাতে তাকে বাড়ি থেকে ডেকে নিয়ে যায় একদল অস্ত্রধারী। পরে পরিবারের কাছে মুক্তিপণ দাবি করা হয়। পুলিশ জানিয়েছে, অপহৃতকে উদ্ধারে অভিযান চলছে।

বিনামূল্যে ঠোঁট কাটা তালু কাটা অপারেশন

ইসলামী ব্যাংক কমিউনিটি হাসপাতাল ও স্মাইল ট্রেইনের সহযোগিতায় ঠোঁট কাটা ও তালু কাটা রোগীদের বিনামূল্যে অপারেশন করা হবে। আগ্রহী রোগীদের নির্ধারিত তারিখে হাসপাতালে যোগাযোগ করার অনুরোধ জানানো হয়েছে।

উত্তেজনার মধ্যেই

(প্রথম পৃষ্ঠার পর) মধ্যপ্রাচ্যে উত্তেজনার মধ্যেই আন্তর্জাতিক বাজারে জ্বালানি তেলের দাম বেড়েছে। বিশ্লেষকরা বলছেন, পরিস্থিতি আরও খারাপ হলে বৈশ্বিক অর্থনীতিতে এর নেতিবাচক প্রভাব পড়বে।

কুমিল্লায় বাসচাপায়

(প্রথম পৃষ্ঠার পর) ঢাকা-চট্টগ্রাম মহাসড়কে বাসচাপায় প্রাণহানির ঘটনা ঘটেছে। পুলিশ জানায়, দ্রুতগতির বাসটি নিয়ন্ত্রণ হারিয়ে পথচারীদের চাপা দেয়। এ ঘটনায় ঘাতক বাসটি জব্দ করা হয়েছে।

ঢাকা-চট্টগ্রাম মহাসড়কে বাসচাপায় প্রাণহানির ঘটনা ঘটেছে। পুলিশ জানায়, দ্রুতগতির বাসটি নিয়ন্ত্রণ হারিয়ে পথচারীদের চাপা দেয়। এ ঘটনায় ঘাতক বাসটি জব্দ করা হয়েছে।

বান্দরবানে সেনা

(প্রথম পৃষ্ঠার পর) বান্দরবানের পাহাড়ি এলাকায় সন্ত্রাসীদের বিরুদ্ধে যৌথ বাহিনীর অভিযান অব্যাহত রয়েছে। অভিযানে বেশ কয়েকজনকে আটক করা হয়েছে এবং অস্ত্র ও গোলাবারুদ উদ্ধার করা হয়েছে। এলাকায় নিরাপত্তা জোরদার করা হয়েছে।

বান্দরবানের পাহাড়ি এলাকায় সন্ত্রাসীদের বিরুদ্ধে যৌথ বাহিনীর অভিযান অব্যাহত রয়েছে। অভিযানে বেশ কয়েকজনকে আটক করা হয়েছে এবং অস্ত্র ও গোলাবারুদ উদ্ধার করা হয়েছে। এলাকায় নিরাপত্তা জোরদার করা হয়েছে।

বান্দরবানের পাহাড়ি এলাকায় সন্ত্রাসীদের বিরুদ্ধে যৌথ বাহিনীর অভিযান অব্যাহত রয়েছে। অভিযানে বেশ কয়েকজনকে আটক করা হয়েছে এবং অস্ত্র ও গোলাবারুদ উদ্ধার করা হয়েছে। এলাকায় নিরাপত্তা জোরদার করা হয়েছে।

বান্দরবানের পাহাড়ি এলাকায় সন্ত্রাসীদের বিরুদ্ধে যৌথ বাহিনীর অভিযান অব্যাহত রয়েছে। অভিযানে বেশ কয়েকজনকে আটক করা হয়েছে এবং অস্ত্র ও গোলাবারুদ উদ্ধার করা হয়েছে। এলাকায় নিরাপত্তা জোরদার করা হয়েছে।

মালদ্বীপে মুইজ্জুর

(প্রথম পৃষ্ঠার পর) মালদ্বীপের সংসদ নির্বাচনে প্রেসিডেন্ট মোহাম্মদ মুইজ্জুর দল নিরঙ্কুশ সংখ্যাগরিষ্ঠতা অর্জন করেছে। নির্বাচন কমিশনের প্রাথমিক ফলাফল অনুযায়ী, তার দল পিপলস ন্যাশনাল কংগ্রেস অধিকাংশ আসনে জয়লাভ করেছে। বিশ্লেষকরা বলছেন, এই জয়ের ফলে মুইজ্জুর পররাষ্ট্রনীতি বাস্তবায়নের পথ আরও সুগম হলো।

মালদ্বীপের সংসদ নির্বাচনে প্রেসিডেন্ট মোহাম্মদ মুইজ্জুর দল নিরঙ্কুশ সংখ্যাগরিষ্ঠতা অর্জন করেছে। নির্বাচন কমিশনের প্রাথমিক ফলাফল অনুযায়ী, তার দল পিপলস ন্যাশনাল কংগ্রেস অধিকাংশ আসনে জয়লাভ করেছে। বিশ্লেষকরা বলছেন, এই জয়ের ফলে মুইজ্জুর পররাষ্ট্রনীতি বাস্তবায়নের পথ আরও সুগম হলো।

কাতারের আমির

(প্রথম পৃষ্ঠার পর) কাতারের আমির শেখ তামিম বিন হামাদ আল থানি দুই দিনের রাষ্ট্রীয় সফরে ঢাকায় আসছেন। সফরকালে দুই দেশের মধ্যে বেশ কয়েকটি চুক্তি ও সমঝোতা স্মারক সই হওয়ার কথা রয়েছে। জ্বালানি, শ্রমবাজার ও বিনিয়োগ খাতে সহযোগিতা বাড়ানোর বিষয়ে আলোচনা হবে।

কাতারের আমির শেখ তামিম বিন হামাদ আল থানি দুই দিনের রাষ্ট্রীয় সফরে ঢাকায় আসছেন। সফরকালে দুই দেশের মধ্যে বেশ কয়েকটি চুক্তি ও সমঝোতা স্মারক সই হওয়ার কথা রয়েছে। জ্বালানি, শ্রমবাজার ও বিনিয়োগ খাতে সহযোগিতা বাড়ানোর বিষয়ে আলোচনা হবে।

কাতারের আমির শেখ তামিম বিন হামাদ আল থানি দুই দিনের রাষ্ট্রীয় সফরে ঢাকায় আসছেন। সফরকালে দুই দেশের মধ্যে বেশ কয়েকটি চুক্তি ও সমঝোতা স্মারক সই হওয়ার কথা রয়েছে। জ্বালানি, শ্রমবাজার ও বিনিয়োগ খাতে সহযোগিতা বাড়ানোর বিষয়ে আলোচনা হবে।

সব দলের প্রার্থী

(প্রথম পৃষ্ঠার পর) উপজেলা নির্বাচনে সব দলের প্রার্থীরা প্রচার-প্রচারণায় ব্যস্ত সময় পার করছেন। ভোটারদের দ্বারে দ্বারে গিয়ে নিজেদের প্রতিশ্রুতি তুলে ধরছেন তারা। নির্বাচন কমিশন আচরণবিধি মেনে প্রচার চালানোর নির্দেশ দিয়েছে। আচরণবিধি লঙ্ঘন করলে কঠোর ব্যবস্থা নেওয়া হবে বলে সতর্ক করা হয়েছে।

উপজেলা নির্বাচনে সব দলের প্রার্থীরা প্রচার-প্রচারণায় ব্যস্ত সময় পার করছেন। ভোটারদের দ্বারে দ্বারে গিয়ে নিজেদের প্রতিশ্রুতি তুলে ধরছেন তারা। নির্বাচন কমিশন আচরণবিধি মেনে প্রচার চালানোর নির্দেশ দিয়েছে। আচরণবিধি লঙ্ঘন করলে কঠোর ব্যবস্থা নেওয়া হবে বলে সতর্ক করা হয়েছে।

উপজেলা নির্বাচনে সব দলের প্রার্থীরা প্রচার-প্রচারণায় ব্যস্ত সময় পার করছেন। ভোটারদের দ্বারে দ্বারে গিয়ে নিজেদের প্রতিশ্রুতি তুলে ধরছেন তারা। নির্বাচন কমিশন আচরণবিধি মেনে প্রচার চালানোর নির্দেশ দিয়েছে। আচরণবিধি লঙ্ঘন করলে কঠোর ব্যবস্থা নেওয়া হবে বলে সতর্ক করা হয়েছে।

উপজেলা নির্বাচনে সব দলের প্রার্থীরা প্রচার-প্রচারণায় ব্যস্ত সময় পার করছেন। ভোটারদের দ্বারে দ্বারে গিয়ে নিজেদের প্রতিশ্রুতি তুলে ধরছেন তারা। নির্বাচন কমিশন আচরণবিধি মেনে প্রচার চালানোর নির্দেশ দিয়েছে। আচরণবিধি লঙ্ঘন করলে কঠোর ব্যবস্থা নেওয়া হবে বলে সতর্ক করা হয়েছে।

উপজেলা নির্বাচনে সব দলের প্রার্থীরা প্রচার-প্রচারণায় ব্যস্ত সময় পার করছেন। ভোটারদের দ্বারে দ্বারে গিয়ে নিজেদের প্রতিশ্রুতি তুলে ধরছেন তারা। নির্বাচন কমিশন আচরণবিধি মেনে প্রচার চালানোর নির্দেশ দিয়েছে। আচরণবিধি লঙ্ঘন করলে কঠোর ব্যবস্থা নেওয়া হবে বলে সতর্ক করা হয়েছে।

বেনজীরের দুর্নীতি

(প্রথম পৃষ্ঠার পর) সাবেক আইজিপি বেনজীর আহমেদের বিরুদ্ধে ওঠা দুর্নীতির অভিযোগ অনুসন্ধানে কমিটি গঠন করেছে দুর্নীতি দমন কমিশন। কমিশনের একজন কর্মকর্তা জানিয়েছেন, অভিযোগের বিষয়ে প্রয়োজনীয় নথিপত্র সংগ্রহ করা হচ্ছে। অনুসন্ধানে অভিযোগের সত্যতা পাওয়া গেলে আইন অনুযায়ী ব্যবস্থা নেওয়া হবে।

সাবেক আইজিপি বেনজীর আহমেদের বিরুদ্ধে ওঠা দুর্নীতির অভিযোগ অনুসন্ধানে কমিটি গঠন করেছে দুর্নীতি দমন কমিশন। কমিশনের একজন কর্মকর্তা জানিয়েছেন, অভিযোগের বিষয়ে প্রয়োজনীয় নথিপত্র সংগ্রহ করা হচ্ছে। অনুসন্ধানে অভিযোগের সত্যতা পাওয়া গেলে আইন অনুযায়ী ব্যবস্থা নেওয়া হবে।

সাবেক আইজিপি বেনজীর আহমেদের বিরুদ্ধে ওঠা দুর্নীতির অভিযোগ অনুসন্ধানে কমিটি গঠন করেছে দুর্নীতি দমন কমিশন। কমিশনের একজন কর্মকর্তা জানিয়েছেন, অভিযোগের বিষয়ে প্রয়োজনীয় নথিপত্র সংগ্রহ করা হচ্ছে। অনুসন্ধানে অভিযোগের সত্যতা পাওয়া গেলে আইন অনুযায়ী ব্যবস্থা নেওয়া হবে।

সাবেক আইজিপি বেনজীর আহমেদের বিরুদ্ধে ওঠা দুর্নীতির অভিযোগ অনুসন্ধানে কমিটি গঠন করেছে দুর্নীতি দমন কমিশন। কমিশনের একজন কর্মকর্তা জানিয়েছেন, অভিযোগের বিষয়ে প্রয়োজনীয় নথিপত্র সংগ্রহ করা হচ্ছে। অনুসন্ধানে অভিযোগের সত্যতা পাওয়া গেলে আইন অনুযায়ী ব্যবস্থা নেওয়া হবে।
